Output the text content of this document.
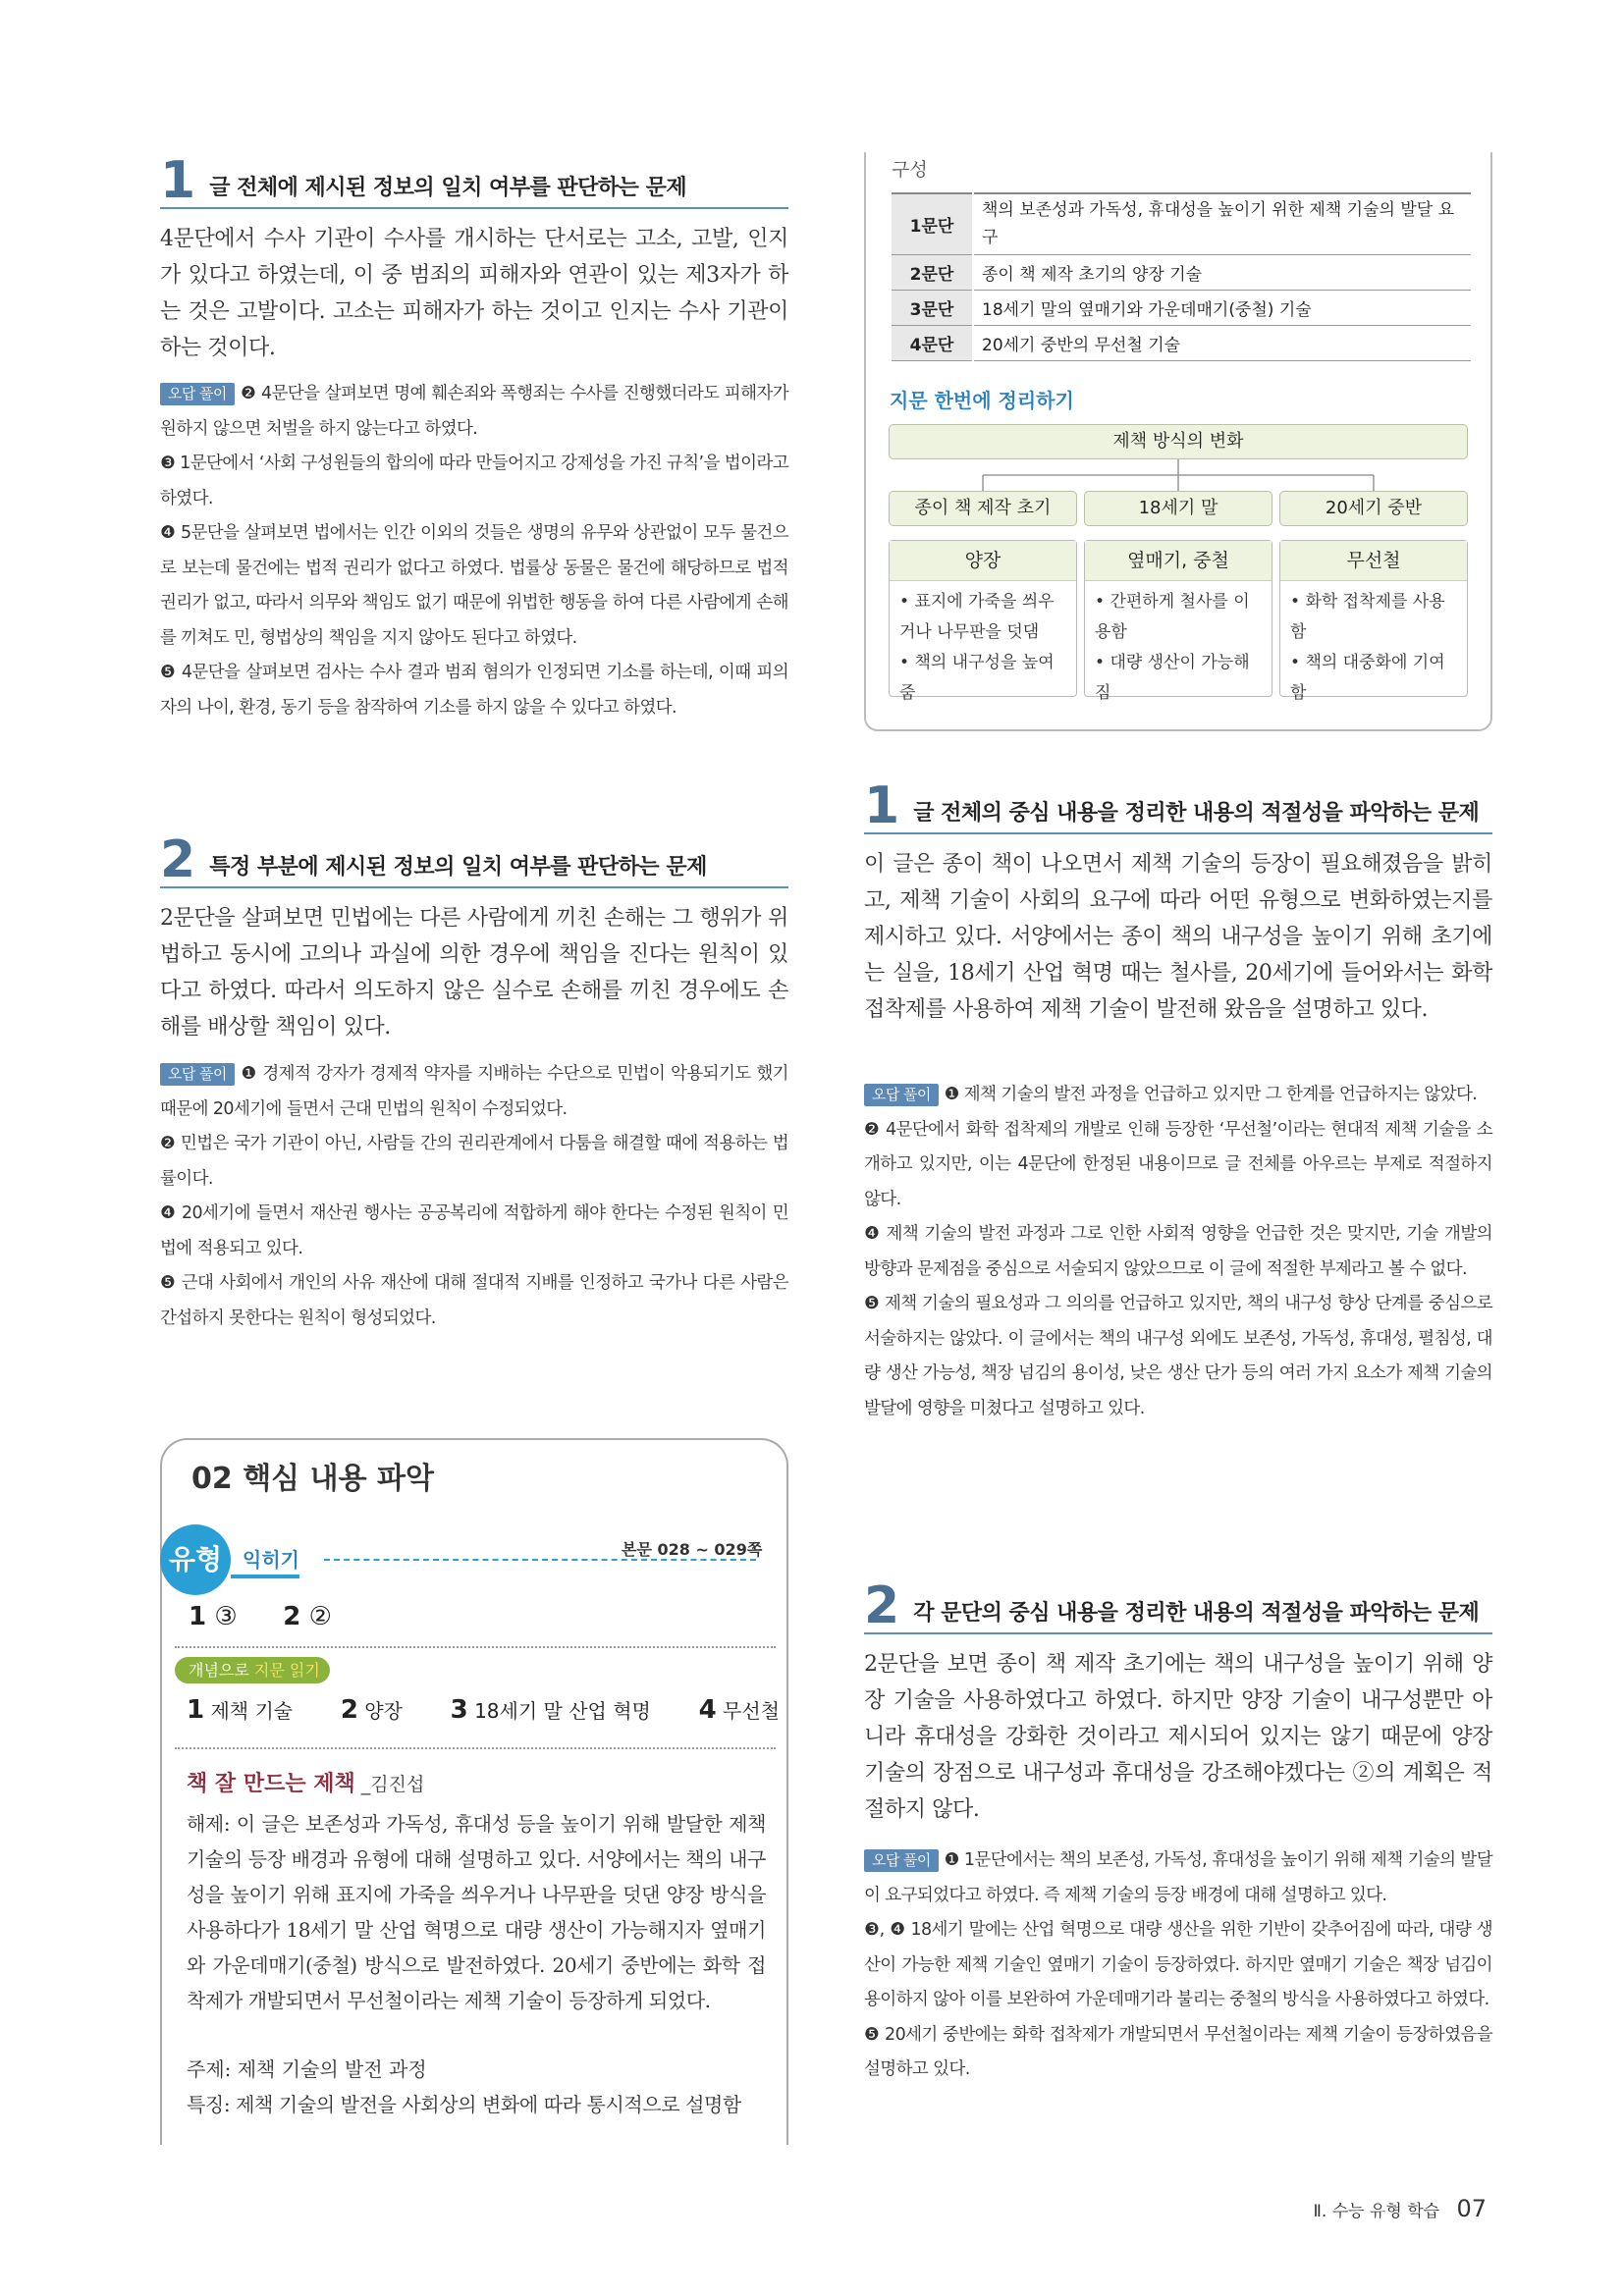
1 글 전체에 제시된 정보의 일치 여부를 판단하는 문제
4문단에서 수사 기관이 수사를 개시하는 단서로는 고소, 고발, 인지가 있다고 하였는데, 이 중 범죄의 피해자와 연관이 있는 제3자가 하는 것은 고발이다. 고소는 피해자가 하는 것이고 인지는 수사 기관이 하는 것이다.
오답 풀이 ❷ 4문단을 살펴보면 명예 훼손죄와 폭행죄는 수사를 진행했더라도 피해자가 원하지 않으면 처벌을 하지 않는다고 하였다.
❸ 1문단에서 ‘사회 구성원들의 합의에 따라 만들어지고 강제성을 가진 규칙’을 법이라고 하였다.
❹ 5문단을 살펴보면 법에서는 인간 이외의 것들은 생명의 유무와 상관없이 모두 물건으로 보는데 물건에는 법적 권리가 없다고 하였다. 법률상 동물은 물건에 해당하므로 법적 권리가 없고, 따라서 의무와 책임도 없기 때문에 위법한 행동을 하여 다른 사람에게 손해를 끼쳐도 민, 형법상의 책임을 지지 않아도 된다고 하였다.
❺ 4문단을 살펴보면 검사는 수사 결과 범죄 혐의가 인정되면 기소를 하는데, 이때 피의자의 나이, 환경, 동기 등을 참작하여 기소를 하지 않을 수 있다고 하였다.
2 특정 부분에 제시된 정보의 일치 여부를 판단하는 문제
2문단을 살펴보면 민법에는 다른 사람에게 끼친 손해는 그 행위가 위법하고 동시에 고의나 과실에 의한 경우에 책임을 진다는 원칙이 있다고 하였다. 따라서 의도하지 않은 실수로 손해를 끼친 경우에도 손해를 배상할 책임이 있다.
오답 풀이 ❶ 경제적 강자가 경제적 약자를 지배하는 수단으로 민법이 악용되기도 했기 때문에 20세기에 들면서 근대 민법의 원칙이 수정되었다.
❷ 민법은 국가 기관이 아닌, 사람들 간의 권리관계에서 다툼을 해결할 때에 적용하는 법률이다.
❹ 20세기에 들면서 재산권 행사는 공공복리에 적합하게 해야 한다는 수정된 원칙이 민법에 적용되고 있다.
❺ 근대 사회에서 개인의 사유 재산에 대해 절대적 지배를 인정하고 국가나 다른 사람은 간섭하지 못한다는 원칙이 형성되었다.
02 핵심 내용 파악
유형	익히기	본문 028 ~ 029쪽
1 ③ 2 ②
개념으로 지문 읽기
1 제책 기술 2 양장 3 18세기 말 산업 혁명 4 무선철
책 잘 만드는 제책 _김진섭
해제: 이 글은 보존성과 가독성, 휴대성 등을 높이기 위해 발달한 제책 기술의 등장 배경과 유형에 대해 설명하고 있다. 서양에서는 책의 내구성을 높이기 위해 표지에 가죽을 씌우거나 나무판을 덧댄 양장 방식을 사용하다가 18세기 말 산업 혁명으로 대량 생산이 가능해지자 옆매기와 가운데매기(중철) 방식으로 발전하였다. 20세기 중반에는 화학 접착제가 개발되면서 무선철이라는 제책 기술이 등장하게 되었다.
주제: 제책 기술의 발전 과정
특징: 제책 기술의 발전을 사회상의 변화에 따라 통시적으로 설명함
구성
1문단	책의 보존성과 가독성, 휴대성을 높이기 위한 제책 기술의 발달 요구
2문단	종이 책 제작 초기의 양장 기술
3문단	18세기 말의 옆매기와 가운데매기(중철) 기술
4문단	20세기 중반의 무선철 기술
지문 한번에 정리하기
제책 방식의 변화
종이 책 제작 초기	18세기 말	20세기 중반
양장
• 표지에 가죽을 씌우거나 나무판을 덧댐
• 책의 내구성을 높여 줌
옆매기, 중철
• 간편하게 철사를 이용함
• 대량 생산이 가능해짐
무선철
• 화학 접착제를 사용함
• 책의 대중화에 기여함
1 글 전체의 중심 내용을 정리한 내용의 적절성을 파악하는 문제
이 글은 종이 책이 나오면서 제책 기술의 등장이 필요해졌음을 밝히고, 제책 기술이 사회의 요구에 따라 어떤 유형으로 변화하였는지를 제시하고 있다. 서양에서는 종이 책의 내구성을 높이기 위해 초기에는 실을, 18세기 산업 혁명 때는 철사를, 20세기에 들어와서는 화학 접착제를 사용하여 제책 기술이 발전해 왔음을 설명하고 있다.
오답 풀이 ❶ 제책 기술의 발전 과정을 언급하고 있지만 그 한계를 언급하지는 않았다.
❷ 4문단에서 화학 접착제의 개발로 인해 등장한 ‘무선철’이라는 현대적 제책 기술을 소개하고 있지만, 이는 4문단에 한정된 내용이므로 글 전체를 아우르는 부제로 적절하지 않다.
❹ 제책 기술의 발전 과정과 그로 인한 사회적 영향을 언급한 것은 맞지만, 기술 개발의 방향과 문제점을 중심으로 서술되지 않았으므로 이 글에 적절한 부제라고 볼 수 없다.
❺ 제책 기술의 필요성과 그 의의를 언급하고 있지만, 책의 내구성 향상 단계를 중심으로 서술하지는 않았다. 이 글에서는 책의 내구성 외에도 보존성, 가독성, 휴대성, 펼침성, 대량 생산 가능성, 책장 넘김의 용이성, 낮은 생산 단가 등의 여러 가지 요소가 제책 기술의 발달에 영향을 미쳤다고 설명하고 있다.
2 각 문단의 중심 내용을 정리한 내용의 적절성을 파악하는 문제
2문단을 보면 종이 책 제작 초기에는 책의 내구성을 높이기 위해 양장 기술을 사용하였다고 하였다. 하지만 양장 기술이 내구성뿐만 아니라 휴대성을 강화한 것이라고 제시되어 있지는 않기 때문에 양장 기술의 장점으로 내구성과 휴대성을 강조해야겠다는 ②의 계획은 적절하지 않다.
오답 풀이 ❶ 1문단에서는 책의 보존성, 가독성, 휴대성을 높이기 위해 제책 기술의 발달이 요구되었다고 하였다. 즉 제책 기술의 등장 배경에 대해 설명하고 있다.
❸, ❹ 18세기 말에는 산업 혁명으로 대량 생산을 위한 기반이 갖추어짐에 따라, 대량 생산이 가능한 제책 기술인 옆매기 기술이 등장하였다. 하지만 옆매기 기술은 책장 넘김이 용이하지 않아 이를 보완하여 가운데매기라 불리는 중철의 방식을 사용하였다고 하였다.
❺ 20세기 중반에는 화학 접착제가 개발되면서 무선철이라는 제책 기술이 등장하였음을 설명하고 있다.
Ⅱ. 수능 유형 학습 07
